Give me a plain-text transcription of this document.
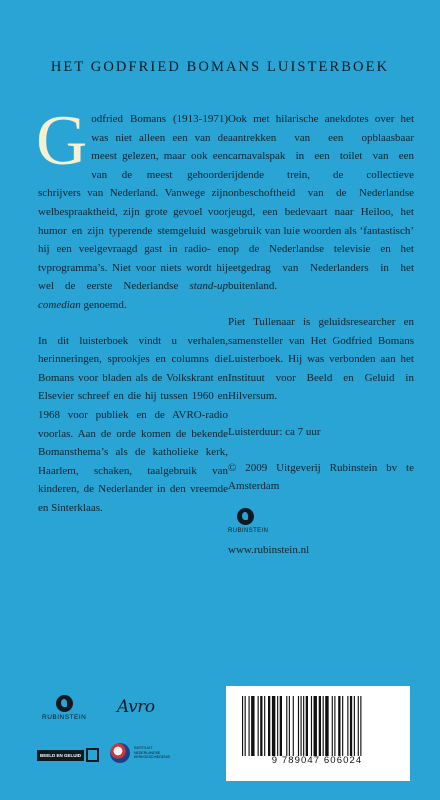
HET GODFRIED BOMANS LUISTERBOEK

Godfried Bomans (1913-1971) was niet alleen een van de meest gelezen, maar ook een van de meest gehoorde schrijvers van Nederland. Vanwege zijn welbespraaktheid, zijn grote gevoel voor humor en zijn typerende stemgeluid was hij een veelgevraagd gast in radio- en tvprogramma’s. Niet voor niets wordt hij wel de eerste Nederlandse stand-up comedian genoemd.

In dit luisterboek vindt u verhalen, herinneringen, sprookjes en columns die Bomans voor bladen als de Volkskrant en Elsevier schreef en die hij tussen 1960 en 1968 voor publiek en de AVRO-radio voorlas. Aan de orde komen de bekende Bomansthema’s als de katholieke kerk, Haarlem, schaken, taalgebruik van kinderen, de Nederlander in den vreemde en Sinterklaas.

Ook met hilarische anekdotes over het aantrekken van een opblaasbaar carnavalspak in een toilet van een rijdende trein, de collectieve onbeschoftheid van de Nederlandse jeugd, een bedevaart naar Heiloo, het gebruik van luie woorden als ‘fantastisch’ op de Nederlandse televisie en het eetgedrag van Nederlanders in het buitenland.

Piet Tullenaar is geluidsresearcher en samensteller van Het Godfried Bomans Luisterboek. Hij was verbonden aan het Instituut voor Beeld en Geluid in Hilversum.

Luisterduur: ca 7 uur

© 2009 Uitgeverij Rubinstein bv te Amsterdam

RUBINSTEIN

www.rubinstein.nl

RUBINSTEIN
Avro
BEELD EN GELUID
INSTITUUT NEDERLANDSE KERKGESCHIEDENIS	9 789047 606024
